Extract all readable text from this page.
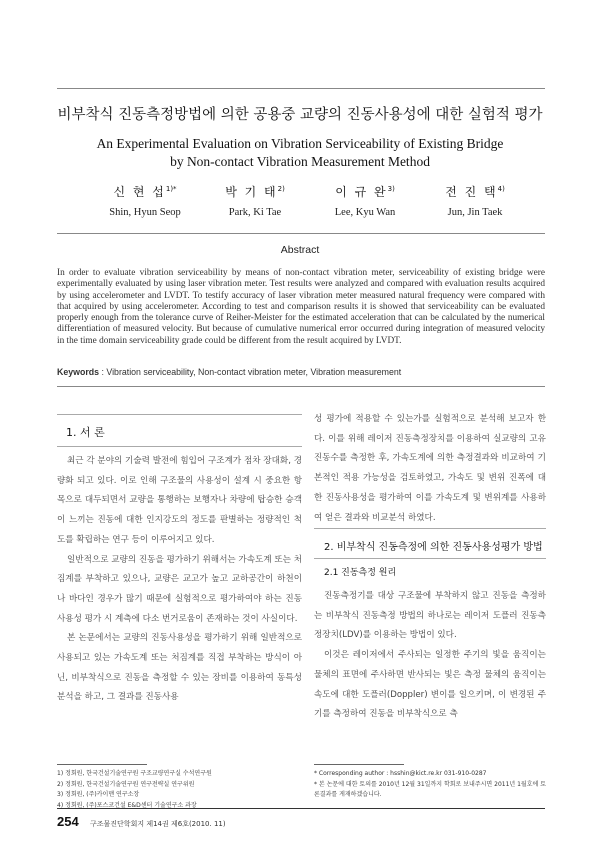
비부착식 진동측정방법에 의한 공용중 교량의 진동사용성에 대한 실험적 평가
An Experimental Evaluation on Vibration Serviceability of Existing Bridge
by Non-contact Vibration Measurement Method
신 현 섭$^{1)*}$
Shin, Hyun Seop
박 기 태$^{2)}$
Park, Ki Tae
이 규 완$^{3)}$
Lee, Kyu Wan
전 진 택$^{4)}$
Jun, Jin Taek
Abstract
In order to evaluate vibration serviceability by means of non-contact vibration meter, serviceability of existing bridge were experimentally evaluated by using laser vibration meter. Test results were analyzed and compared with evaluation results acquired by using accelerometer and LVDT. To testify accuracy of laser vibration meter measured natural frequency were compared with that acquired by using accelerometer. According to test and comparison results it is showed that serviceability can be evaluated properly enough from the tolerance curve of Reiher-Meister for the estimated acceleration that can be calculated by the numerical differentiation of measured velocity. But because of cumulative numerical error occurred during integration of measured velocity in the time domain serviceability grade could be different from the result acquired by LVDT.
Keywords : Vibration serviceability, Non-contact vibration meter, Vibration measurement
1. 서 론

최근 각 분야의 기술력 발전에 힘입어 구조계가 점차 장대화, 경량화 되고 있다. 이로 인해 구조물의 사용성이 설계 시 중요한 항목으로 대두되면서 교량을 통행하는 보행자나 차량에 탑승한 승객이 느끼는 진동에 대한 인지강도의 정도를 판별하는 정량적인 척도를 확립하는 연구 등이 이루어지고 있다.

일반적으로 교량의 진동을 평가하기 위해서는 가속도계 또는 처짐계를 부착하고 있으나, 교량은 교고가 높고 교하공간이 하천이나 바다인 경우가 많기 때문에 실험적으로 평가하여야 하는 진동사용성 평가 시 계측에 다소 번거로움이 존재하는 것이 사실이다.

본 논문에서는 교량의 진동사용성을 평가하기 위해 일반적으로 사용되고 있는 가속도계 또는 처짐계를 직접 부착하는 방식이 아닌, 비부착식으로 진동을 측정할 수 있는 장비를 이용하여 동특성 분석을 하고, 그 결과를 진동사용

성 평가에 적용할 수 있는가를 실험적으로 분석해 보고자 한다. 이를 위해 레이저 진동측정장치를 이용하여 실교량의 고유진동수를 측정한 후, 가속도계에 의한 측정결과와 비교하여 기본적인 적용 가능성을 검토하였고, 가속도 및 변위 진폭에 대한 진동사용성을 평가하여 이를 가속도계 및 변위계를 사용하여 얻은 결과와 비교분석 하였다.

2. 비부착식 진동측정에 의한 진동사용성평가 방법
2.1 진동측정 원리

진동측정기를 대상 구조물에 부착하지 않고 진동을 측정하는 비부착식 진동측정 방법의 하나로는 레이저 도플러 진동측정장치(LDV)를 이용하는 방법이 있다.

이것은 레이저에서 주사되는 일정한 주기의 빛을 움직이는 물체의 표면에 주사하면 반사되는 빛은 측정 물체의 움직이는 속도에 대한 도플러(Doppler) 변이를 일으키며, 이 변경된 주기를 측정하여 진동을 비부착식으로 측

1) 정회원, 한국건설기술연구원 구조교량연구실 수석연구원
2) 정회원, 한국건설기술연구원 연구전략실 연구위원
3) 정회원, (주)카이맨 연구소장
4) 정회원, (주)포스코건설 E&D센터 기술연구소 과장
* Corresponding author : hsshin@kict.re.kr 031-910-0287
* 본 논문에 대한 토의를 2010년 12월 31일까지 학회로 보내주시면 2011년 1월호에 토론결과를 게재하겠습니다.
254 구조물진단학회지 제14권 제6호(2010. 11)
